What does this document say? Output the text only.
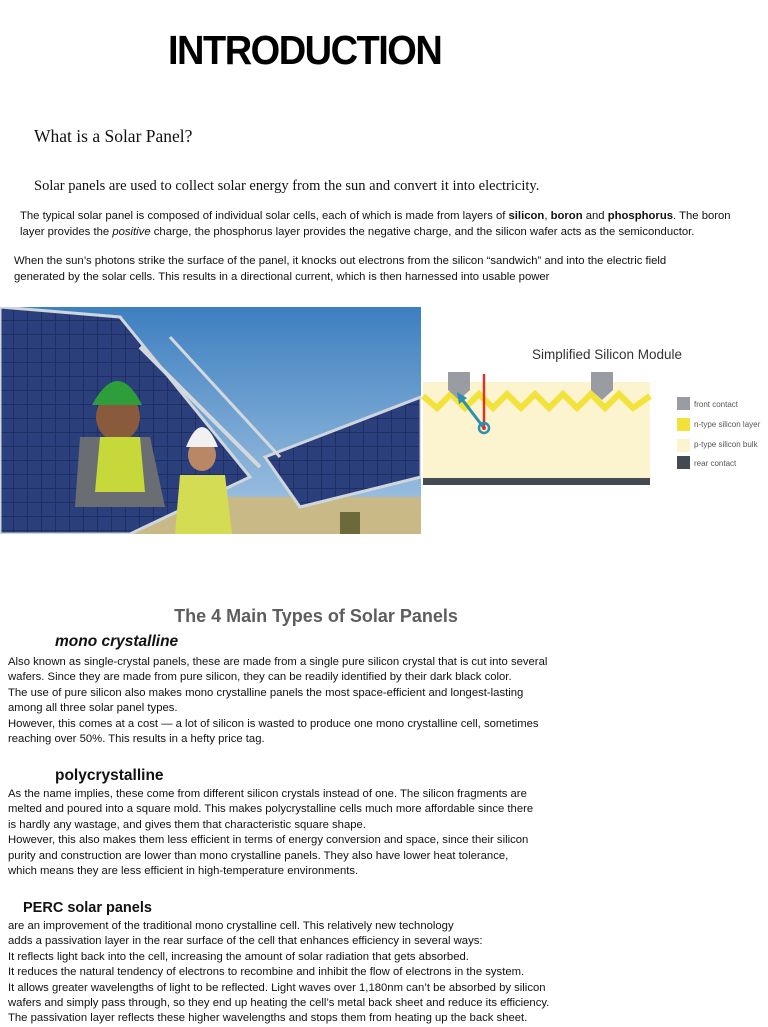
INTRODUCTION
What is a Solar Panel?
Solar panels are used to collect solar energy from the sun and convert it into electricity.
The typical solar panel is composed of individual solar cells, each of which is made from layers of silicon, boron and phosphorus. The boron
layer provides the positive charge, the phosphorus layer provides the negative charge, and the silicon wafer acts as the semiconductor.
When the sun’s photons strike the surface of the panel, it knocks out electrons from the silicon “sandwich” and into the electric field
generated by the solar cells. This results in a directional current, which is then harnessed into usable power
Simplified Silicon Module
front contact
n-type silicon layer
p-type silicon bulk
rear contact
The 4 Main Types of Solar Panels
mono crystalline
Also known as single-crystal panels, these are made from a single pure silicon crystal that is cut into several
wafers. Since they are made from pure silicon, they can be readily identified by their dark black color.
The use of pure silicon also makes mono crystalline panels the most space-efficient and longest-lasting
among all three solar panel types.
However, this comes at a cost — a lot of silicon is wasted to produce one mono crystalline cell, sometimes
reaching over 50%. This results in a hefty price tag.
polycrystalline
As the name implies, these come from different silicon crystals instead of one. The silicon fragments are
melted and poured into a square mold. This makes polycrystalline cells much more affordable since there
is hardly any wastage, and gives them that characteristic square shape.
However, this also makes them less efficient in terms of energy conversion and space, since their silicon
purity and construction are lower than mono crystalline panels. They also have lower heat tolerance,
which means they are less efficient in high-temperature environments.
PERC solar panels
are an improvement of the traditional mono crystalline cell. This relatively new technology
adds a passivation layer in the rear surface of the cell that enhances efficiency in several ways:
It reflects light back into the cell, increasing the amount of solar radiation that gets absorbed.
It reduces the natural tendency of electrons to recombine and inhibit the flow of electrons in the system.
It allows greater wavelengths of light to be reflected. Light waves over 1,180nm can’t be absorbed by silicon
wafers and simply pass through, so they end up heating the cell’s metal back sheet and reduce its efficiency.
The passivation layer reflects these higher wavelengths and stops them from heating up the back sheet.
